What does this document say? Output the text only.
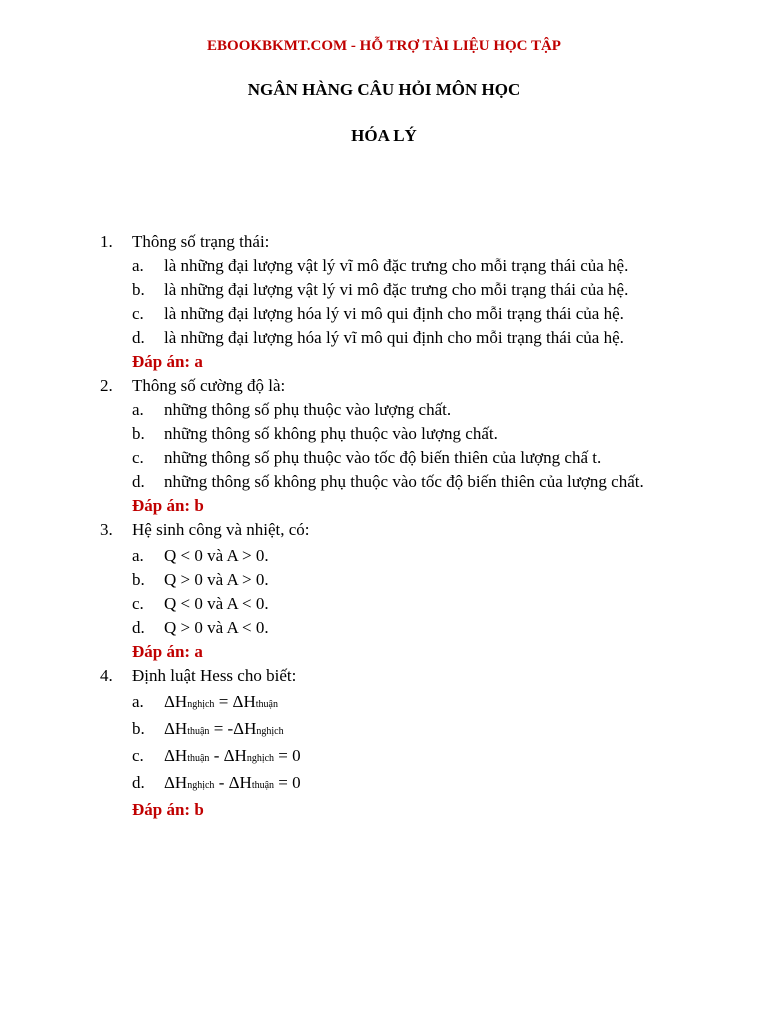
EBOOKBKMT.COM - HỖ TRỢ TÀI LIỆU HỌC TẬP
NGÂN HÀNG CÂU HỎI MÔN HỌC
HÓA LÝ
1.	Thông số trạng thái:
a.	là những đại lượng vật lý vĩ mô đặc trưng cho mỗi trạng thái của hệ.
b.	là những đại lượng vật lý vi mô đặc trưng cho mỗi trạng thái của hệ.
c.	là những đại lượng hóa lý vi mô qui định cho mỗi trạng thái của hệ.
d.	là những đại lượng hóa lý vĩ mô qui định cho mỗi trạng thái của hệ.
Đáp án: a
2.	Thông số cường độ là:
a.	những thông số phụ thuộc vào lượng chất.
b.	những thông số không phụ thuộc vào lượng chất.
c.	những thông số phụ thuộc vào tốc độ biến thiên của lượng chấ t.
d.	những thông số không phụ thuộc vào tốc độ biến thiên của lượng chất.
Đáp án: b
3.	Hệ sinh công và nhiệt, có:
a.	Q < 0 và A > 0.
b.	Q > 0 và A > 0.
c.	Q < 0 và A < 0.
d.	Q > 0 và A < 0.
Đáp án: a
4.	Định luật Hess cho biết:
a.	ΔHnghịch = ΔHthuận
b.	ΔHthuận = -ΔHnghịch
c.	ΔHthuận - ΔHnghịch = 0
d.	ΔHnghịch - ΔHthuận = 0
Đáp án: b
